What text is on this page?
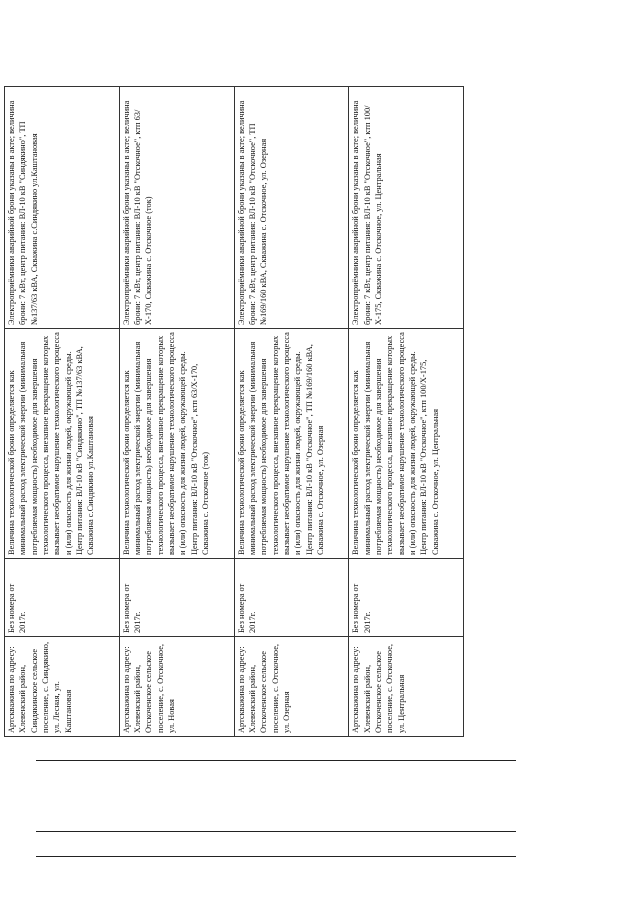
Артскважина по адресу: Хлевенский район, Синдякинское сельское поселение, с. Синдякино, ул. Лесная, ул. Каштановая	Без номера от 2017г.	Величина технологической брони определяется как минимальный расход электрической энергии (минимальная потребляемая мощность) необходимое для завершения технологического процесса, внезапное прекращение которых вызывает необратимое нарушение технологического процесса и (или) опасность для жизни людей, окружающей среды. Центр питания: ВЛ-10 кВ "Синдякино", ТП №137/63 кВА, Скважина с.Синдякино ул.Каштановая	Электроприёмники аварийной брони указаны в акте; величина брони: 7 кВт, центр питания: ВЛ-10 кВ "Синдякино", ТП №137/63 кВА, Скважина с.Синдякино ул.Каштановая
Артскважина по адресу: Хлевенский район, Отскоченское сельское поселение, с. Отскочное, ул. Новая	Без номера от 2017г.	Величина технологической брони определяется как минимальный расход электрической энергии (минимальная потребляемая мощность) необходимое для завершения технологического процесса, внезапное прекращение которых вызывает необратимое нарушение технологического процесса и (или) опасность для жизни людей, окружающей среды. Центр питания: ВЛ-10 кВ "Отскочное", ктп 63/Х-170, Скважина с. Отскочное (ток)	Электроприёмники аварийной брони указаны в акте; величина брони: 7 кВт, центр питания: ВЛ-10 кВ "Отскочное", ктп 63/Х-170, Скважина с. Отскочное (ток)
Артскважина по адресу: Хлевенский район, Отскоченское сельское поселение, с. Отскочное, ул. Озерная	Без номера от 2017г.	Величина технологической брони определяется как минимальный расход электрической энергии (минимальная потребляемая мощность) необходимое для завершения технологического процесса, внезапное прекращение которых вызывает необратимое нарушение технологического процесса и (или) опасность для жизни людей, окружающей среды. Центр питания: ВЛ-10 кВ "Отскочное", ТП №169/160 кВА, Скважина с. Отскочное, ул. Озерная	Электроприёмники аварийной брони указаны в акте; величина брони: 7 кВт, центр питания: ВЛ-10 кВ "Отскочное", ТП №169/160 кВА, Скважина с. Отскочное, ул. Озерная
Артскважина по адресу: Хлевенский район, Отскоченское сельское поселение, с. Отскочное, ул. Центральная	Без номера от 2017г.	Величина технологической брони определяется как минимальный расход электрической энергии (минимальная потребляемая мощность) необходимое для завершения технологического процесса, внезапное прекращение которых вызывает необратимое нарушение технологического процесса и (или) опасность для жизни людей, окружающей среды. Центр питания: ВЛ-10 кВ "Отскочное", ктп 100/Х-175, Скважина с. Отскочное, ул. Центральная	Электроприёмники аварийной брони указаны в акте; величина брони: 7 кВт, центр питания: ВЛ-10 кВ "Отскочное", ктп 100/Х-175, Скважина с. Отскочное, ул. Центральная
